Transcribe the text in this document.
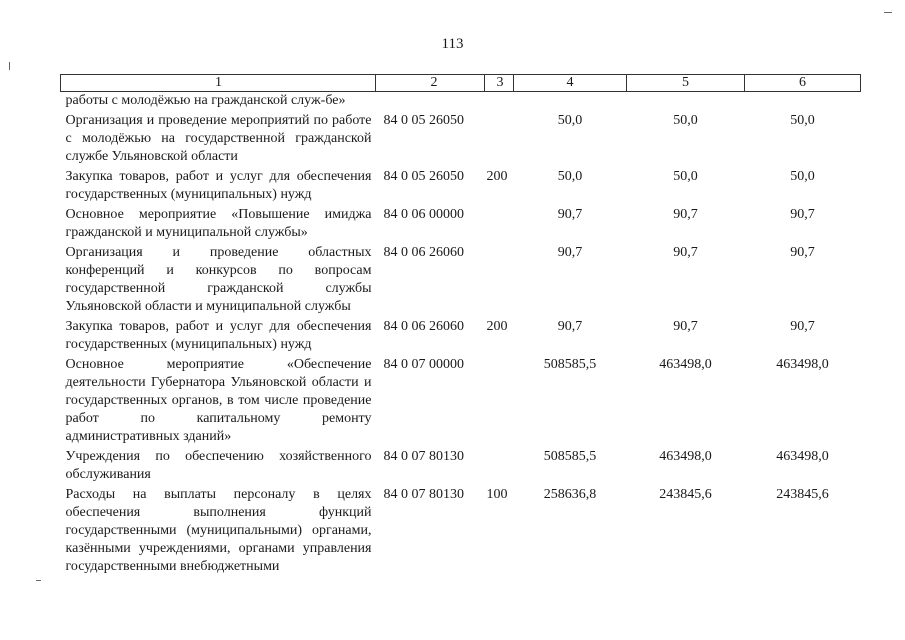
113
1	2	3	4	5	6
работы с молодёжью на гражданской служ-бе»					
Организация и проведение мероприятий по работе с молодёжью на государственной гражданской службе Ульяновской области	84 0 05 26050		50,0	50,0	50,0
Закупка товаров, работ и услуг для обеспечения государственных (муниципальных) нужд	84 0 05 26050	200	50,0	50,0	50,0
Основное мероприятие «Повышение имиджа гражданской и муниципальной службы»	84 0 06 00000		90,7	90,7	90,7
Организация и проведение областных конференций и конкурсов по вопросам государственной гражданской службы Ульяновской области и муниципальной службы	84 0 06 26060		90,7	90,7	90,7
Закупка товаров, работ и услуг для обеспечения государственных (муниципальных) нужд	84 0 06 26060	200	90,7	90,7	90,7
Основное мероприятие «Обеспечение деятельности Губернатора Ульяновской области и государственных органов, в том числе проведение работ по капитальному ремонту административных зданий»	84 0 07 00000		508585,5	463498,0	463498,0
Учреждения по обеспечению хозяйственного обслуживания	84 0 07 80130		508585,5	463498,0	463498,0
Расходы на выплаты персоналу в целях обеспечения выполнения функций государственными (муниципальными) органами, казёнными учреждениями, органами управления государственными внебюджетными	84 0 07 80130	100	258636,8	243845,6	243845,6
